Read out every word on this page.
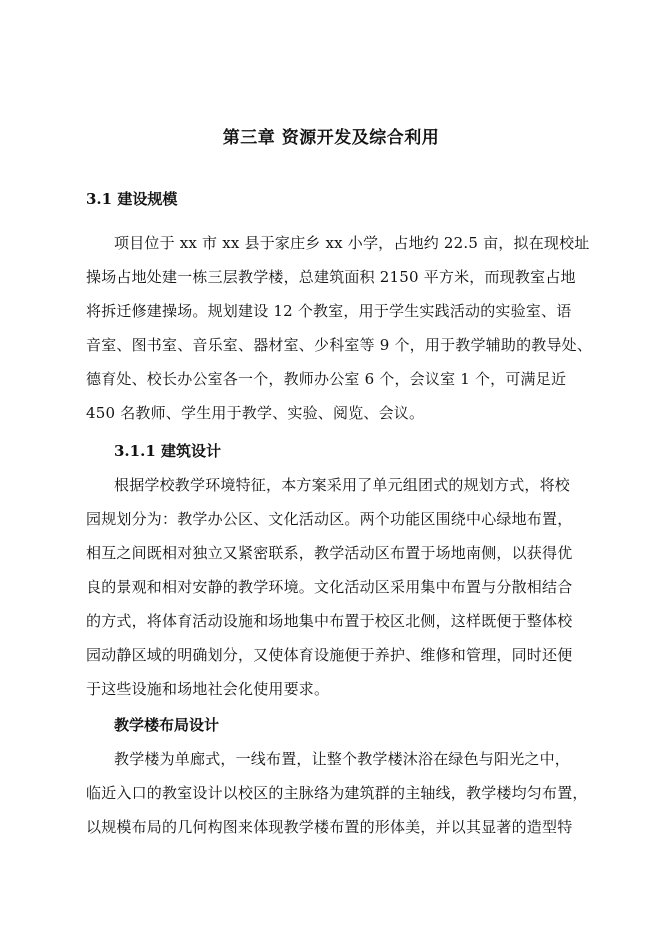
第三章 资源开发及综合利用
3.1 建设规模
项目位于 xx 市 xx 县于家庄乡 xx 小学，占地约 22.5 亩，拟在现校址
操场占地处建一栋三层教学楼，总建筑面积 2150 平方米，而现教室占地
将拆迁修建操场。规划建设 12 个教室，用于学生实践活动的实验室、语
音室、图书室、音乐室、器材室、少科室等 9 个，用于教学辅助的教导处、
德育处、校长办公室各一个，教师办公室 6 个，会议室 1 个，可满足近
450 名教师、学生用于教学、实验、阅览、会议。
3.1.1 建筑设计
根据学校教学环境特征，本方案采用了单元组团式的规划方式，将校
园规划分为：教学办公区、文化活动区。两个功能区围绕中心绿地布置，
相互之间既相对独立又紧密联系，教学活动区布置于场地南侧，以获得优
良的景观和相对安静的教学环境。文化活动区采用集中布置与分散相结合
的方式，将体育活动设施和场地集中布置于校区北侧，这样既便于整体校
园动静区域的明确划分，又使体育设施便于养护、维修和管理，同时还便
于这些设施和场地社会化使用要求。
教学楼布局设计
教学楼为单廊式，一线布置，让整个教学楼沐浴在绿色与阳光之中，
临近入口的教室设计以校区的主脉络为建筑群的主轴线，教学楼均匀布置，
以规模布局的几何构图来体现教学楼布置的形体美，并以其显著的造型特
